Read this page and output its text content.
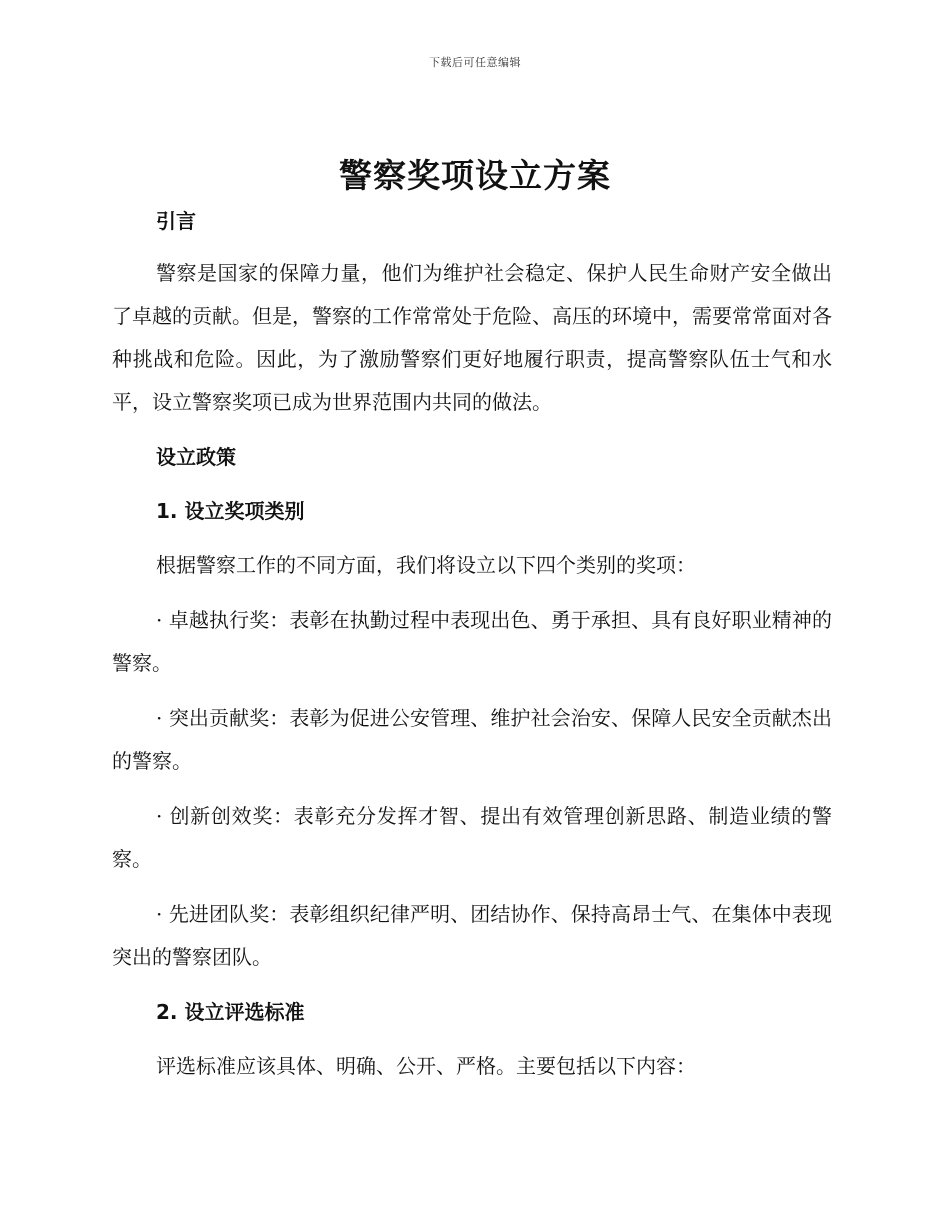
下载后可任意编辑
警察奖项设立方案
引言

警察是国家的保障力量，他们为维护社会稳定、保护人民生命财产安全做出了卓越的贡献。但是，警察的工作常常处于危险、高压的环境中，需要常常面对各种挑战和危险。因此，为了激励警察们更好地履行职责，提高警察队伍士气和水平，设立警察奖项已成为世界范围内共同的做法。

设立政策
1. 设立奖项类别

根据警察工作的不同方面，我们将设立以下四个类别的奖项：

· 卓越执行奖：表彰在执勤过程中表现出色、勇于承担、具有良好职业精神的警察。

· 突出贡献奖：表彰为促进公安管理、维护社会治安、保障人民安全贡献杰出的警察。

· 创新创效奖：表彰充分发挥才智、提出有效管理创新思路、制造业绩的警察。

· 先进团队奖：表彰组织纪律严明、团结协作、保持高昂士气、在集体中表现突出的警察团队。

2. 设立评选标准

评选标准应该具体、明确、公开、严格。主要包括以下内容：
